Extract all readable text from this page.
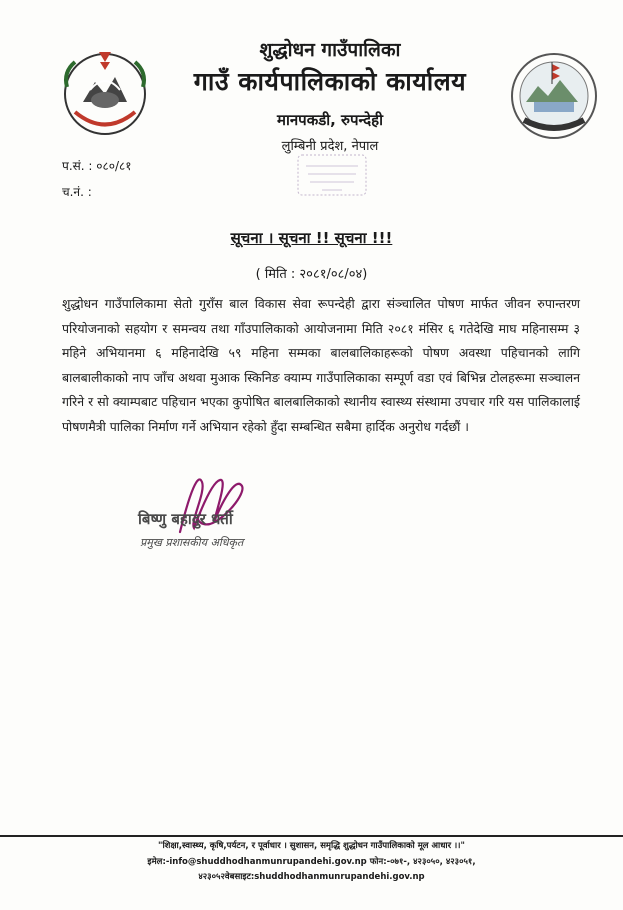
शुद्धोधन गाउँपालिका
गाउँ कार्यपालिकाको कार्यालय
मानपकडी, रुपन्देही
लुम्बिनी प्रदेश, नेपाल
प.सं. : ०८०/८१
च.नं. :
सूचना । सूचना !! सूचना !!!
( मिति : २०८१/०८/०४)
शुद्धोधन गाउँपालिकामा सेतो गुराँस बाल विकास सेवा रूपन्देही द्वारा संञ्चालित पोषण मार्फत जीवन रुपान्तरण परियोजनाको सहयोग र समन्वय तथा गाँउपालिकाको आयोजनामा मिति २०८१ मंसिर ६ गतेदेखि माघ महिनासम्म ३ महिने अभियानमा ६ महिनादेखि ५९ महिना सम्मका बालबालिकाहरूको पोषण अवस्था पहिचानको लागि बालबालीकाको नाप जाँच अथवा मुआक स्किनिङ क्याम्प गाउँपालिकाका सम्पूर्ण वडा एवं बिभिन्न टोलहरूमा सञ्चालन गरिने र सो क्याम्पबाट पहिचान भएका कुपोषित बालबालिकाको स्थानीय स्वास्थ्य संस्थामा उपचार गरि यस पालिकालाई पोषणमैत्री पालिका निर्माण गर्ने अभियान रहेको हुँदा सम्बन्धित सबैमा हार्दिक अनुरोध गर्दछौं ।
बिष्णु बहादुर धर्ती
प्रमुख प्रशासकीय अधिकृत
"शिक्षा,स्वास्थ्य, कृषि,पर्यटन, र पूर्वाधार । सुशासन, समृद्धि शुद्धोधन गाउँपालिकाको मूल आधार ।।"
इमेल:-info@shuddhodhanmunrupandehi.gov.np फोन:-०७१-, ४२३०५०, ४२३०५१,
४२३०५२वेबसाइट:shuddhodhanmunrupandehi.gov.np
